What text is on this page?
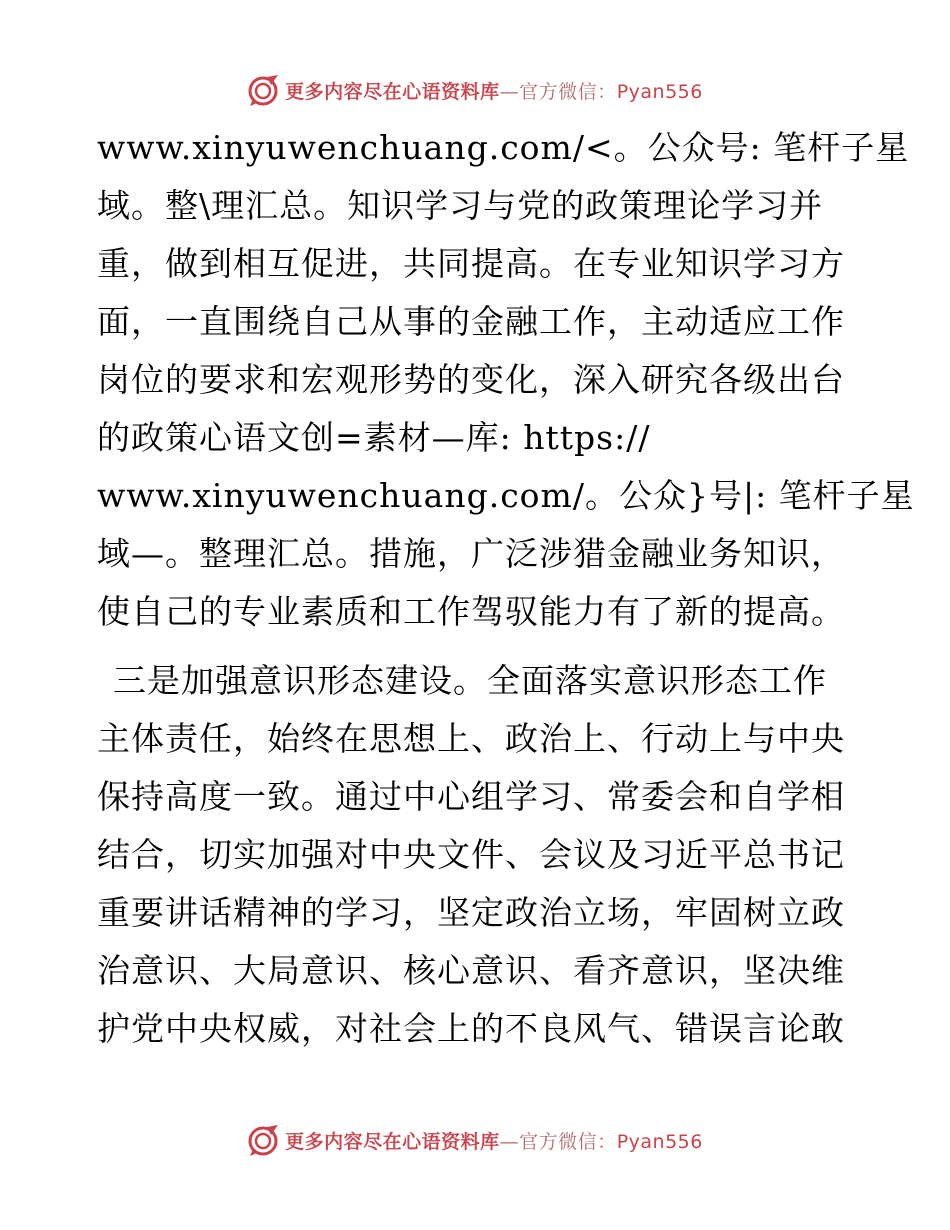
更多内容尽在心语资料库—官方微信：Pyan556
www.xinyuwenchuang.com/<。公众号: 笔杆子星
域。整\理汇总。知识学习与党的政策理论学习并
重，做到相互促进，共同提高。在专业知识学习方
面，一直围绕自己从事的金融工作，主动适应工作
岗位的要求和宏观形势的变化，深入研究各级出台
的政策心语文创=素材—库: https://
www.xinyuwenchuang.com/。公众}号|: 笔杆子星
域—。整理汇总。措施，广泛涉猎金融业务知识，
使自己的专业素质和工作驾驭能力有了新的提高。
三是加强意识形态建设。全面落实意识形态工作
主体责任，始终在思想上、政治上、行动上与中央
保持高度一致。通过中心组学习、常委会和自学相
结合，切实加强对中央文件、会议及习近平总书记
重要讲话精神的学习，坚定政治立场，牢固树立政
治意识、大局意识、核心意识、看齐意识，坚决维
护党中央权威，对社会上的不良风气、错误言论敢
更多内容尽在心语资料库—官方微信：Pyan556
